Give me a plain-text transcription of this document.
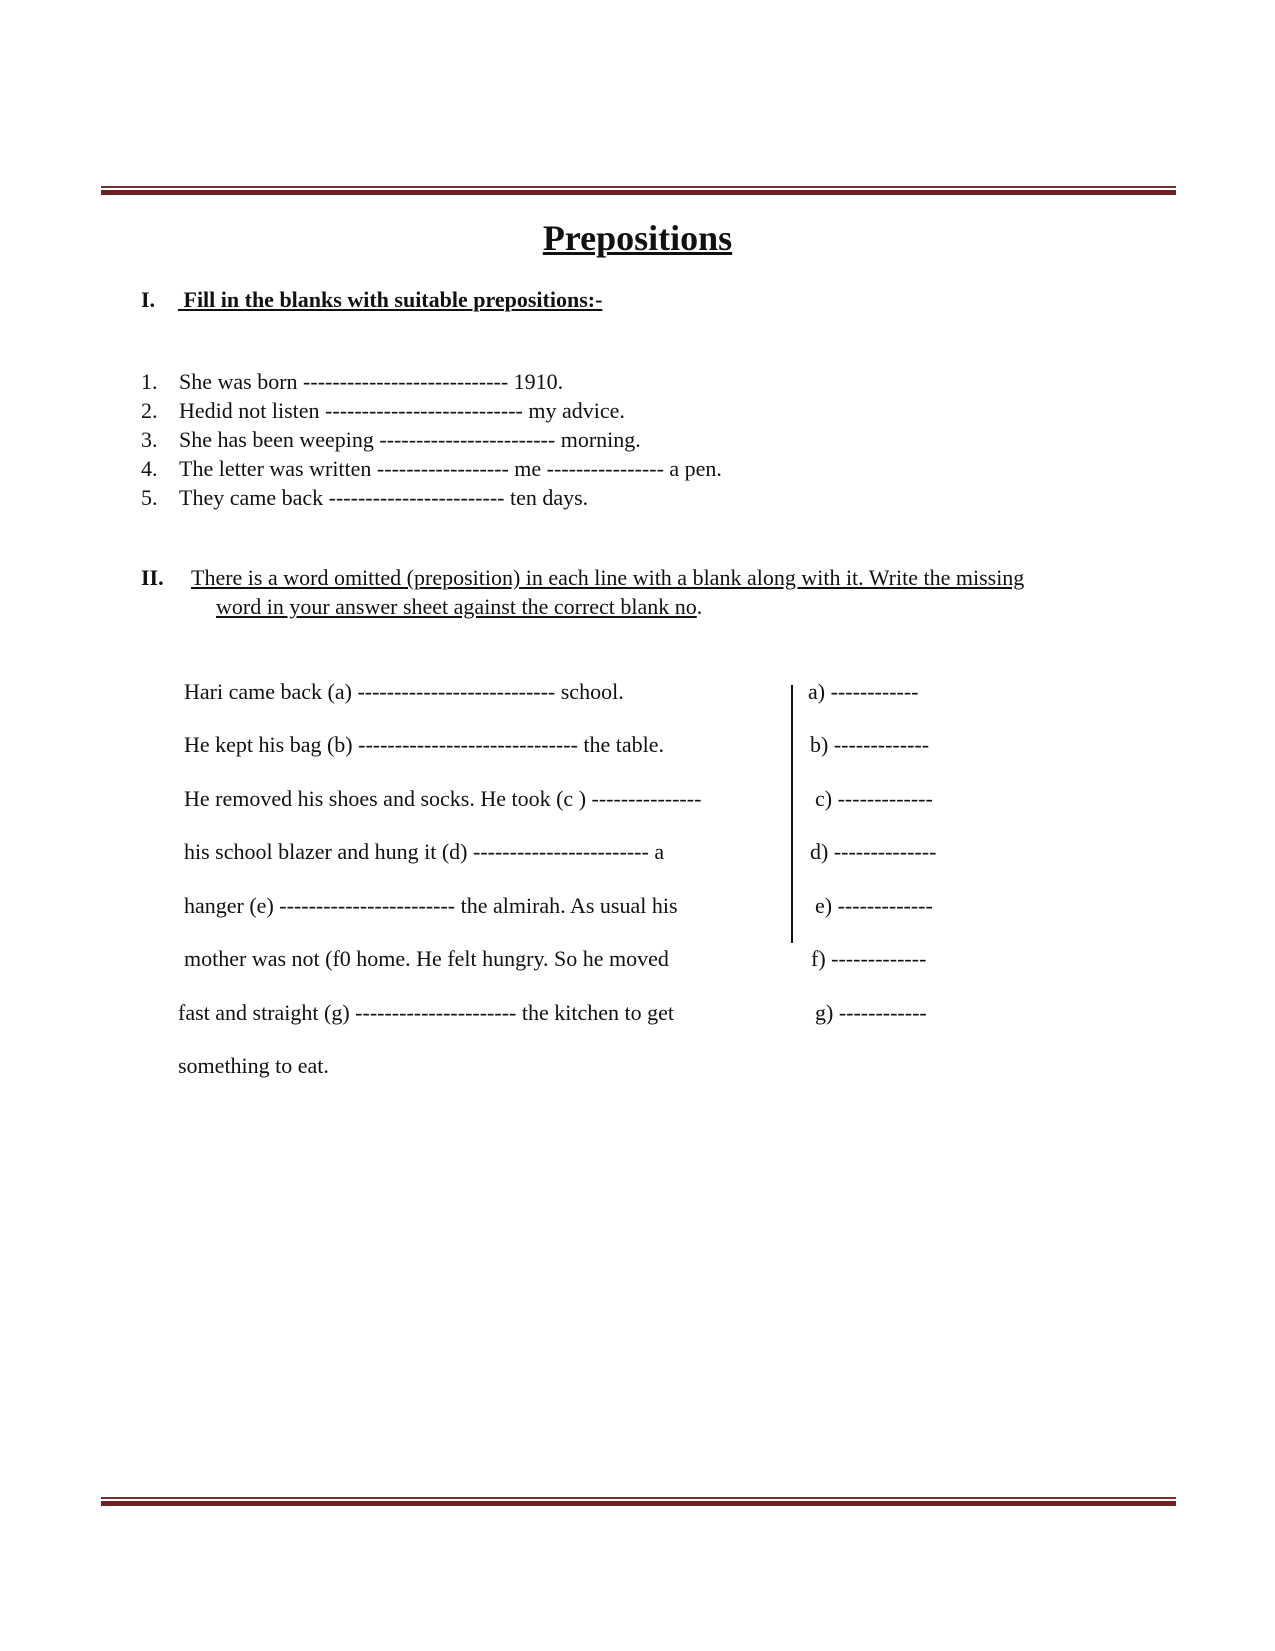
Prepositions
I. Fill in the blanks with suitable prepositions:-
1. She was born ---------------------------- 1910.
2. Hedid not listen --------------------------- my advice.
3. She has been weeping ------------------------ morning.
4. The letter was written ------------------ me ---------------- a pen.
5. They came back ------------------------ ten days.
II. There is a word omitted (preposition) in each line with a blank along with it. Write the missing
word in your answer sheet against the correct blank no.
Hari came back (a) --------------------------- school.
He kept his bag (b) ------------------------------ the table.
He removed his shoes and socks. He took (c ) ---------------
his school blazer and hung it (d) ------------------------ a
hanger (e) ------------------------ the almirah. As usual his
mother was not (f0 home. He felt hungry. So he moved
fast and straight (g) ---------------------- the kitchen to get
something to eat.
a) ------------
b) -------------
c) -------------
d) --------------
e) -------------
f) -------------
g) ------------
